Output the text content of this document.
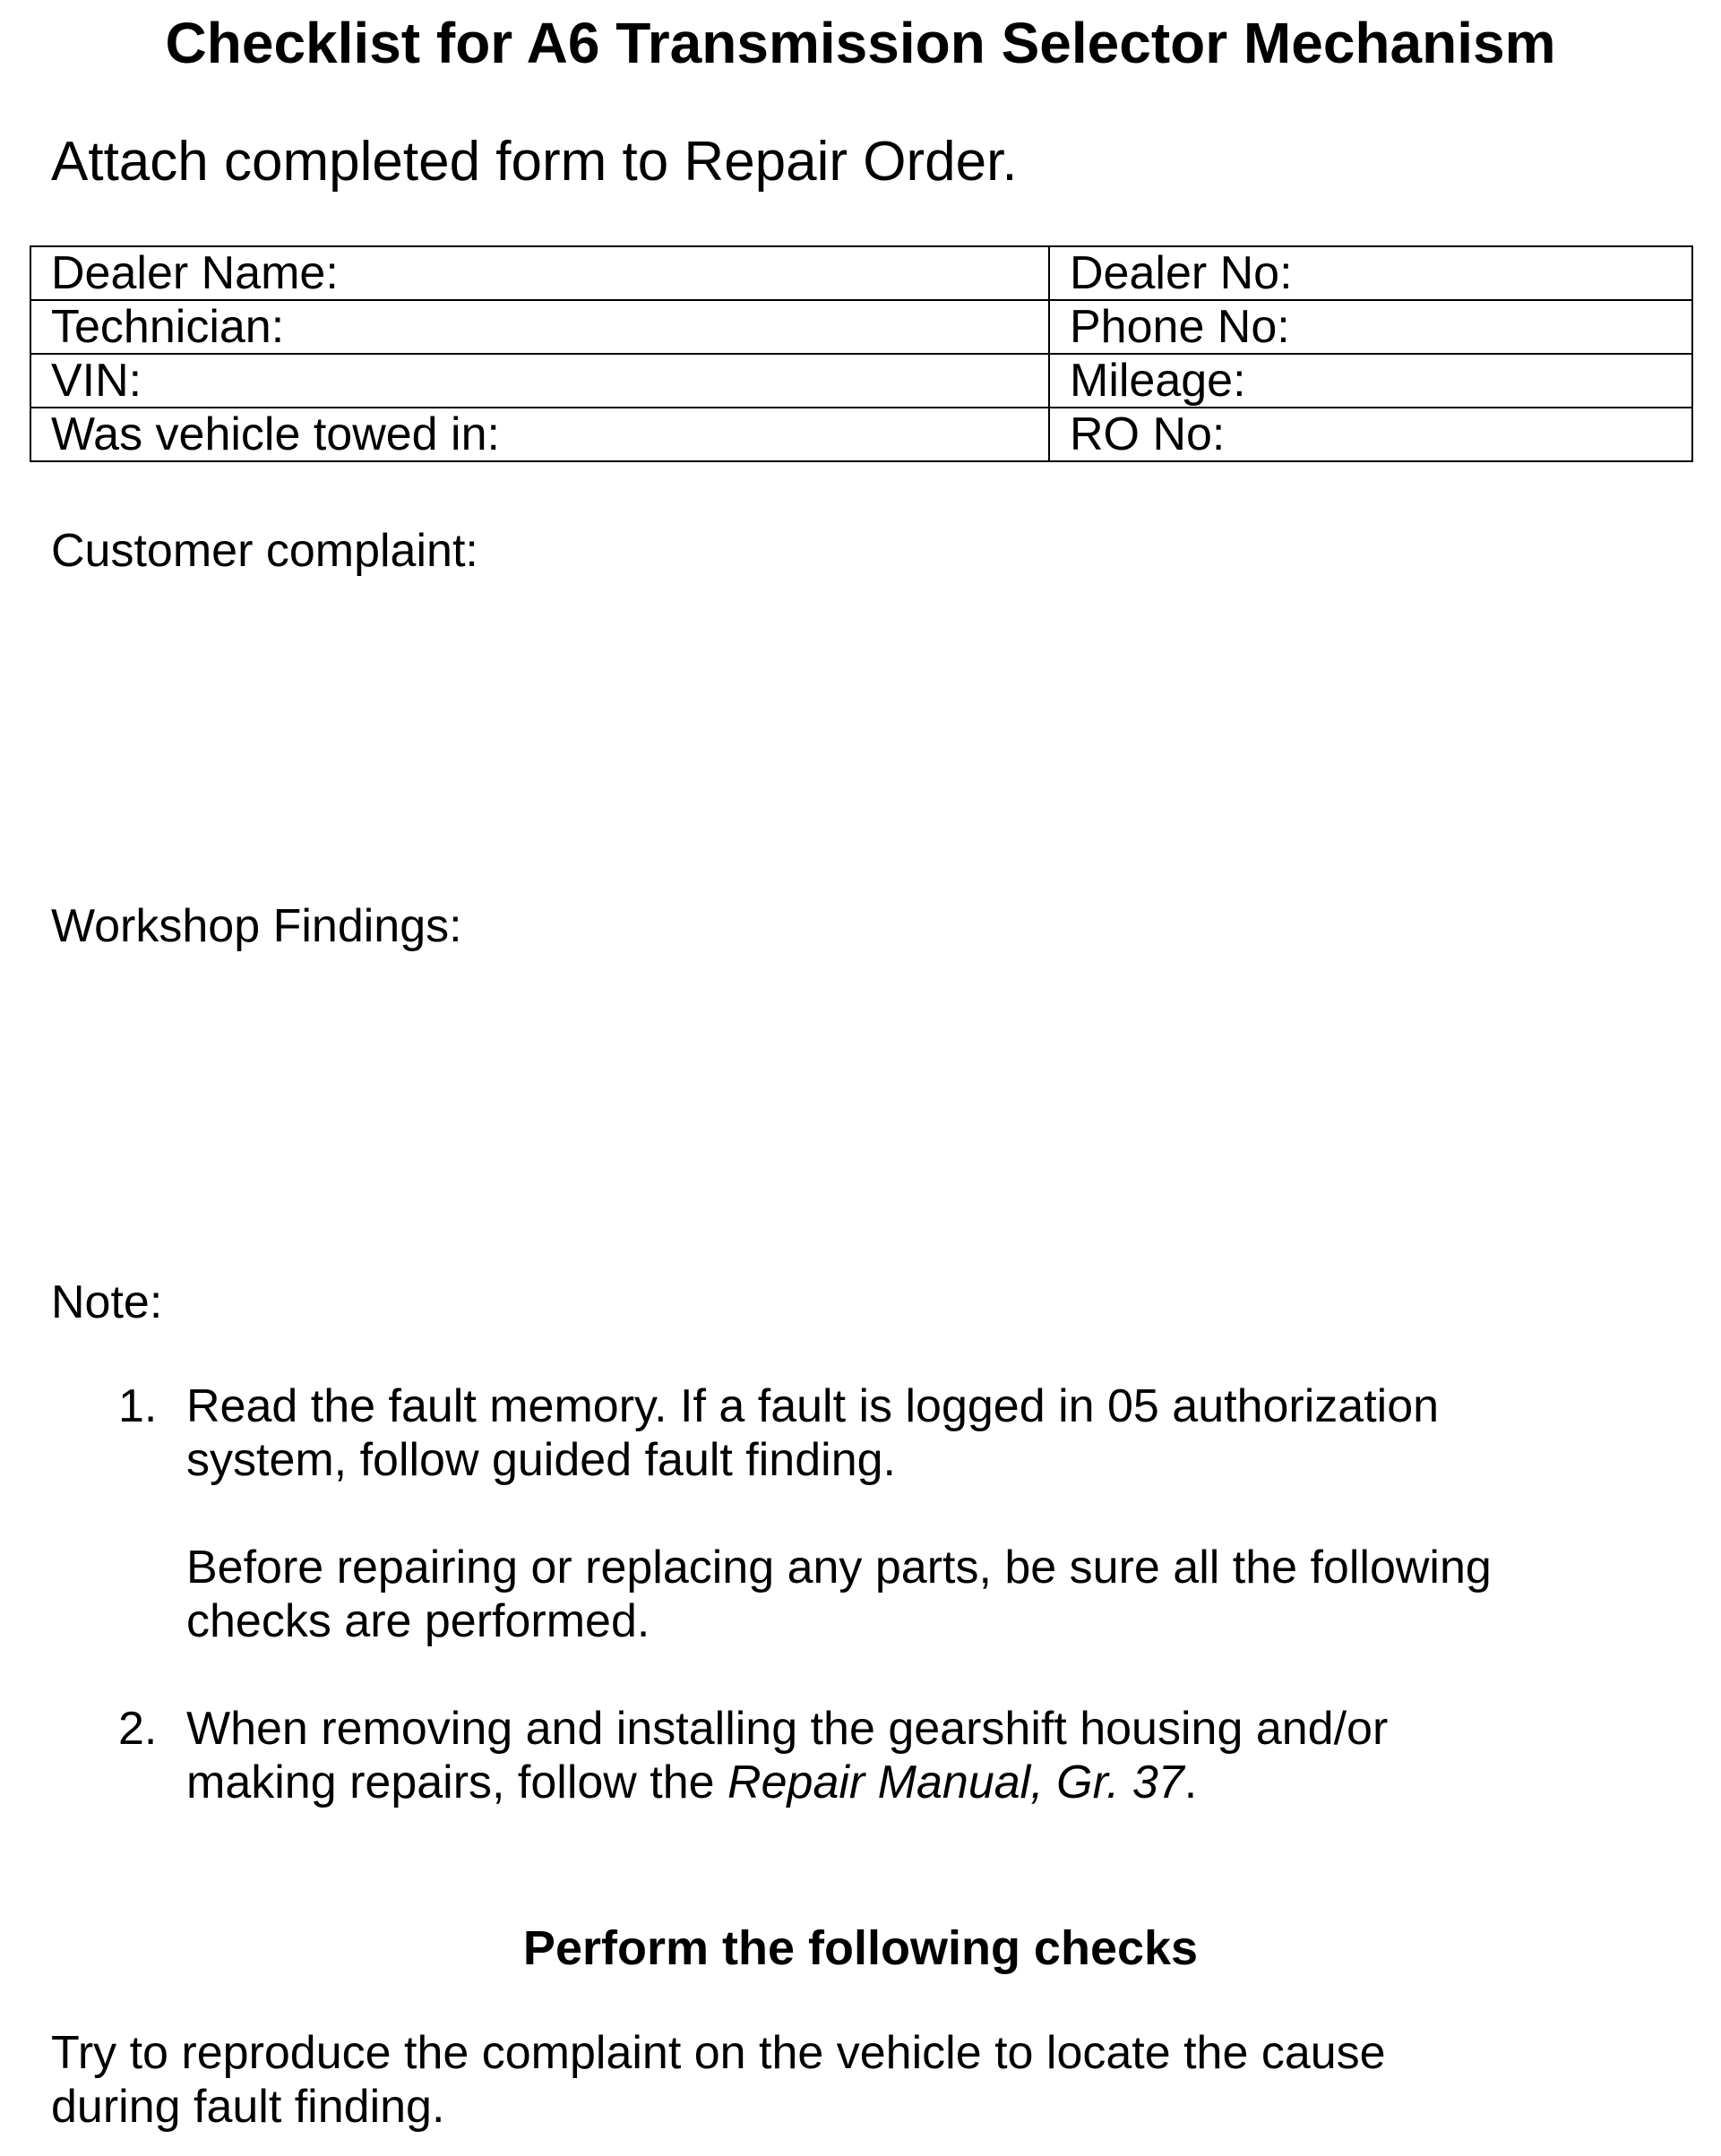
Checklist for A6 Transmission Selector Mechanism
Attach completed form to Repair Order.
Dealer Name:	Dealer No:
Technician:	Phone No:
VIN:	Mileage:
Was vehicle towed in:	RO No:
Customer complaint:
Workshop Findings:
Note:
1. Read the fault memory. If a fault is logged in 05 authorization
system, follow guided fault finding.

Before repairing or replacing any parts, be sure all the following
checks are performed.

2. When removing and installing the gearshift housing and/or
making repairs, follow the Repair Manual, Gr. 37.

Perform the following checks
Try to reproduce the complaint on the vehicle to locate the cause
during fault finding.
